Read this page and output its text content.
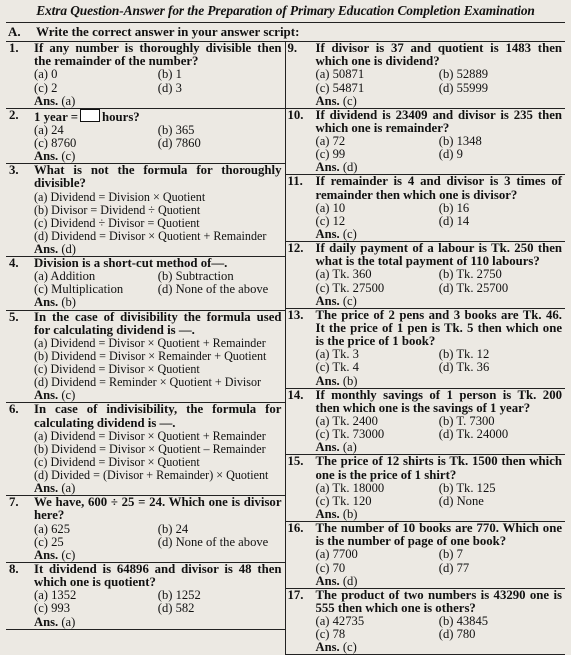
Extra Question-Answer for the Preparation of Primary Education Completion Examination
A.	Write the correct answer in your answer script:
1.	If any number is thoroughly divisible then the remainder of the number?
(a) 0	(b) 1
(c) 2	(d) 3
Ans. (a)
2.	1 year = hours?
(a) 24	(b) 365
(c) 8760	(d) 7860
Ans. (c)
3.	What is not the formula for thoroughly divisible?
(a) Dividend = Division × Quotient
(b) Divisor = Dividend ÷ Quotient
(c) Dividend ÷ Divisor = Quotient
(d) Dividend = Divisor × Quotient + Remainder
Ans. (d)
4.	Division is a short-cut method of—.
(a) Addition	(b) Subtraction
(c) Multiplication	(d) None of the above
Ans. (b)
5.	In the case of divisibility the formula used for calculating dividend is —.
(a) Dividend = Divisor × Quotient + Remainder
(b) Dividend = Divisor × Remainder + Quotient
(c) Dividend = Divisor × Quotient
(d) Dividend = Reminder × Quotient + Divisor
Ans. (c)
6.	In case of indivisibility, the formula for calculating dividend is —.
(a) Dividend = Divisor × Quotient + Remainder
(b) Dividend = Divisor × Quotient – Remainder
(c) Dividend = Divisor × Quotient
(d) Divided = (Divisor + Remainder) × Quotient
Ans. (a)
7.	We have, 600 ÷ 25 = 24. Which one is divisor here?
(a) 625	(b) 24
(c) 25	(d) None of the above
Ans. (c)
8.	It dividend is 64896 and divisor is 48 then which one is quotient?
(a) 1352	(b) 1252
(c) 993	(d) 582
Ans. (a)
9.	If divisor is 37 and quotient is 1483 then which one is dividend?
(a) 50871	(b) 52889
(c) 54871	(d) 55999
Ans. (c)
10. If dividend is 23409 and divisor is 235 then which one is remainder?
(a) 72	(b) 1348
(c) 99	(d) 9
Ans. (d)
11. If remainder is 4 and divisor is 3 times of remainder then which one is divisor?
(a) 10	(b) 16
(c) 12	(d) 14
Ans. (c)
12. If daily payment of a labour is Tk. 250 then what is the total payment of 110 labours?
(a) Tk. 360	(b) Tk. 2750
(c) Tk. 27500	(d) Tk. 25700
Ans. (c)
13. The price of 2 pens and 3 books are Tk. 46. It the price of 1 pen is Tk. 5 then which one is the price of 1 book?
(a) Tk. 3	(b) Tk. 12
(c) Tk. 4	(d) Tk. 36
Ans. (b)
14. If monthly savings of 1 person is Tk. 200 then which one is the savings of 1 year?
(a) Tk. 2400	(b) T. 7300
(c) Tk. 73000	(d) Tk. 24000
Ans. (a)
15. The price of 12 shirts is Tk. 1500 then which one is the price of 1 shirt?
(a) Tk. 18000	(b) Tk. 125
(c) Tk. 120	(d) None
Ans. (b)
16. The number of 10 books are 770. Which one is the number of page of one book?
(a) 7700	(b) 7
(c) 70	(d) 77
Ans. (d)
17. The product of two numbers is 43290 one is 555 then which one is others?
(a) 42735	(b) 43845
(c) 78	(d) 780
Ans. (c)
